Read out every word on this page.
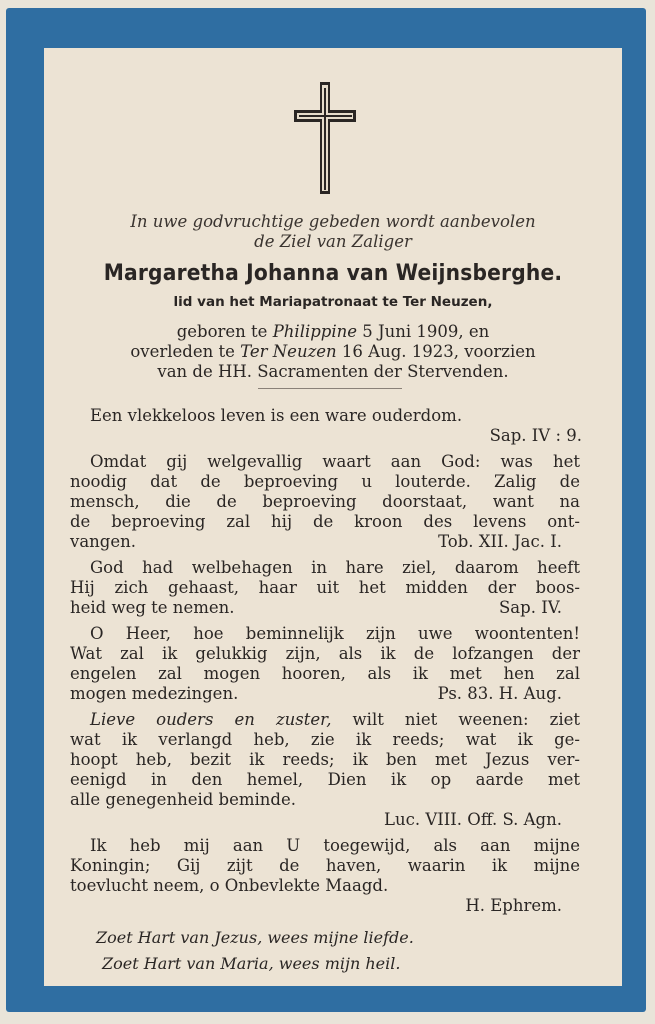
In uwe godvruchtige gebeden wordt aanbevolen
de Ziel van Zaliger
Margaretha Johanna van Weijnsberghe.
lid van het Mariapatronaat te Ter Neuzen,
geboren te Philippine 5 Juni 1909, en
overleden te Ter Neuzen 16 Aug. 1923, voorzien
van de HH. Sacramenten der Stervenden.
Een vlekkeloos leven is een ware ouderdom.
Sap. IV : 9.
Omdat gij welgevallig waart aan God: was het
noodig dat de beproeving u louterde. Zalig de
mensch, die de beproeving doorstaat, want na
de beproeving zal hij de kroon des levens ont-
vangen.	Tob. XII. Jac. I.
God had welbehagen in hare ziel, daarom heeft
Hij zich gehaast, haar uit het midden der boos-
heid weg te nemen.	Sap. IV.
O Heer, hoe beminnelijk zijn uwe woontenten!
Wat zal ik gelukkig zijn, als ik de lofzangen der
engelen zal mogen hooren, als ik met hen zal
mogen medezingen.	Ps. 83. H. Aug.
Lieve ouders en zuster, wilt niet weenen: ziet
wat ik verlangd heb, zie ik reeds; wat ik ge-
hoopt heb, bezit ik reeds; ik ben met Jezus ver-
eenigd in den hemel, Dien ik op aarde met
alle genegenheid beminde.
Luc. VIII. Off. S. Agn.
Ik heb mij aan U toegewijd, als aan mijne
Koningin; Gij zijt de haven, waarin ik mijne
toevlucht neem, o Onbevlekte Maagd.
H. Ephrem.
Zoet Hart van Jezus, wees mijne liefde.
Zoet Hart van Maria, wees mijn heil.
